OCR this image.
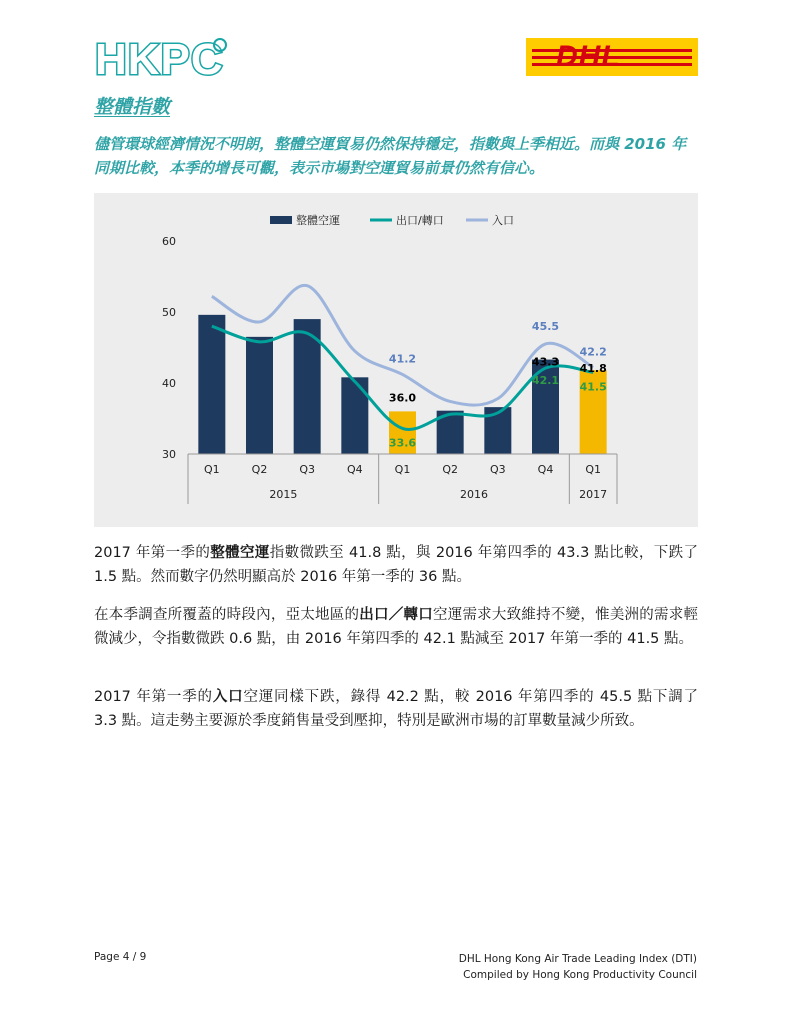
HKPC	DHL
整體指數
儘管環球經濟情況不明朗，整體空運貿易仍然保持穩定，指數與上季相近。而與 2016 年同期比較，本季的增長可觀，表示市場對空運貿易前景仍然有信心。
30
40
50
60
Q1	Q2	Q3	Q4	Q1	Q2	Q3	Q4	Q1
2015	2016	2017
41.2
36.0
33.6
45.5
43.3
42.1
42.2
41.8
41.5
整體空運	出口/轉口	入口
2017 年第一季的整體空運指數微跌至 41.8 點，與 2016 年第四季的 43.3 點比較，下跌了 1.5 點。然而數字仍然明顯高於 2016 年第一季的 36 點。
在本季調查所覆蓋的時段內，亞太地區的出口／轉口空運需求大致維持不變，惟美洲的需求輕微減少，令指數微跌 0.6 點，由 2016 年第四季的 42.1 點減至 2017 年第一季的 41.5 點。
2017 年第一季的入口空運同樣下跌，錄得 42.2 點，較 2016 年第四季的 45.5 點下調了 3.3 點。這走勢主要源於季度銷售量受到壓抑，特別是歐洲市場的訂單數量減少所致。
Page 4 / 9	DHL Hong Kong Air Trade Leading Index (DTI)
Compiled by Hong Kong Productivity Council
